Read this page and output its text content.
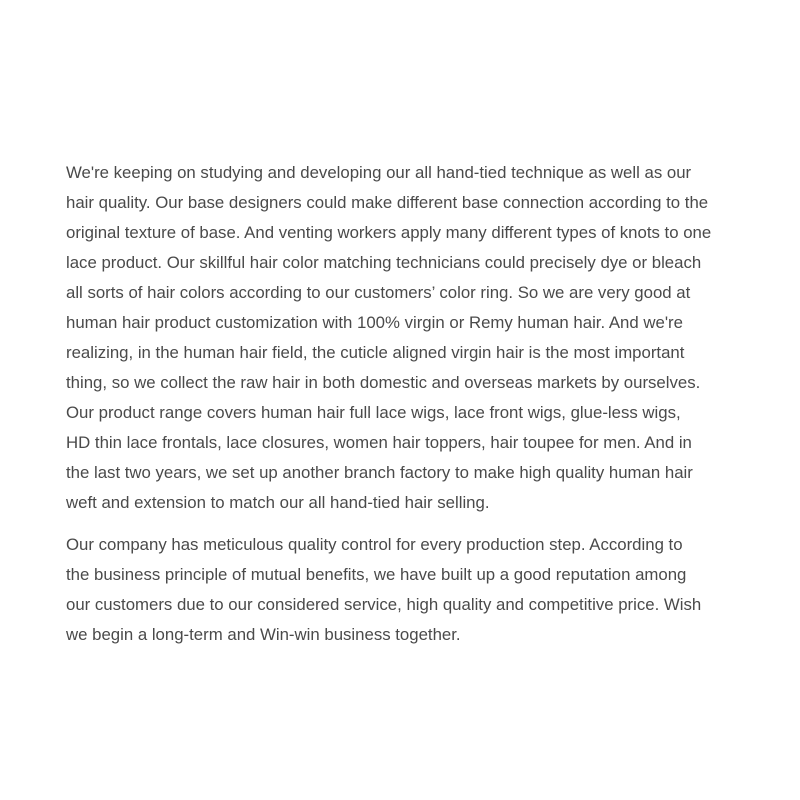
We're keeping on studying and developing our all hand-tied technique as well as our
hair quality. Our base designers could make different base connection according to the
original texture of base. And venting workers apply many different types of knots to one
lace product. Our skillful hair color matching technicians could precisely dye or bleach
all sorts of hair colors according to our customers’ color ring. So we are very good at
human hair product customization with 100% virgin or Remy human hair. And we're
realizing, in the human hair field, the cuticle aligned virgin hair is the most important
thing, so we collect the raw hair in both domestic and overseas markets by ourselves.
Our product range covers human hair full lace wigs, lace front wigs, glue-less wigs,
HD thin lace frontals, lace closures, women hair toppers, hair toupee for men. And in
the last two years, we set up another branch factory to make high quality human hair
weft and extension to match our all hand-tied hair selling.

Our company has meticulous quality control for every production step. According to
the business principle of mutual benefits, we have built up a good reputation among
our customers due to our considered service, high quality and competitive price. Wish
we begin a long-term and Win-win business together.
